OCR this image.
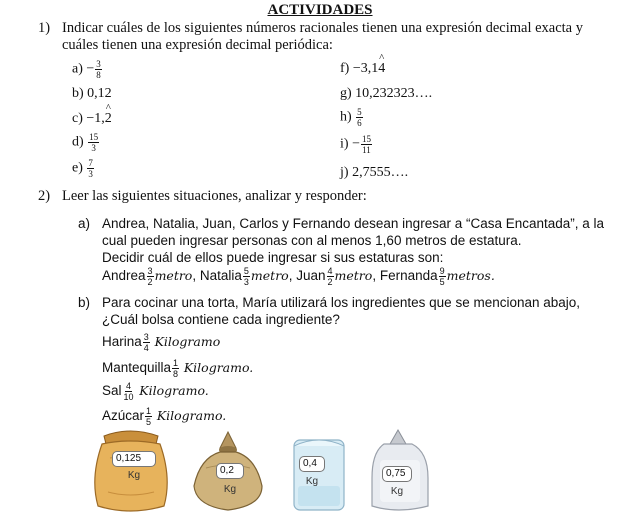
ACTIVIDADES
1) Indicar cuáles de los siguientes números racionales tienen una expresión decimal exacta y
cuáles tienen una expresión decimal periódica:
$a) - \frac{3}{8}$
b) 0,12
c) −1,^ 2
$d) \frac{15}{3}$
$e) \frac{7}{3}$
f) −3,1^ 4
g) 10,232323….
$h) \frac{5}{6}$
$i) - \frac{15}{11}$
j) 2,7555….
2) Leer las siguientes situaciones, analizar y responder:
a) Andrea, Natalia, Juan, Carlos y Fernando desean ingresar a “Casa Encantada”, a la
cual pueden ingresar personas con al menos 1,60 metros de estatura.
Decidir cuál de ellos puede ingresar si sus estaturas son:
Andrea $\frac{3}{2}$ metro, Natalia $\frac{5}{3}$ metro, Juan $\frac{4}{2}$ metro, Fernanda $\frac{9}{5}$ metros.
b) Para cocinar una torta, María utilizará los ingredientes que se mencionan abajo,
¿Cuál bolsa contiene cada ingrediente?
Harina $\frac{3}{4}$ Kilogramo
Mantequilla $\frac{1}{8}$ Kilogramo.
Sal $\frac{4}{10}$ Kilogramo.
Azúcar $\frac{1}{5}$ Kilogramo.
0,125
Kg	0,2
Kg
0,4
Kg
0,75
Kg
